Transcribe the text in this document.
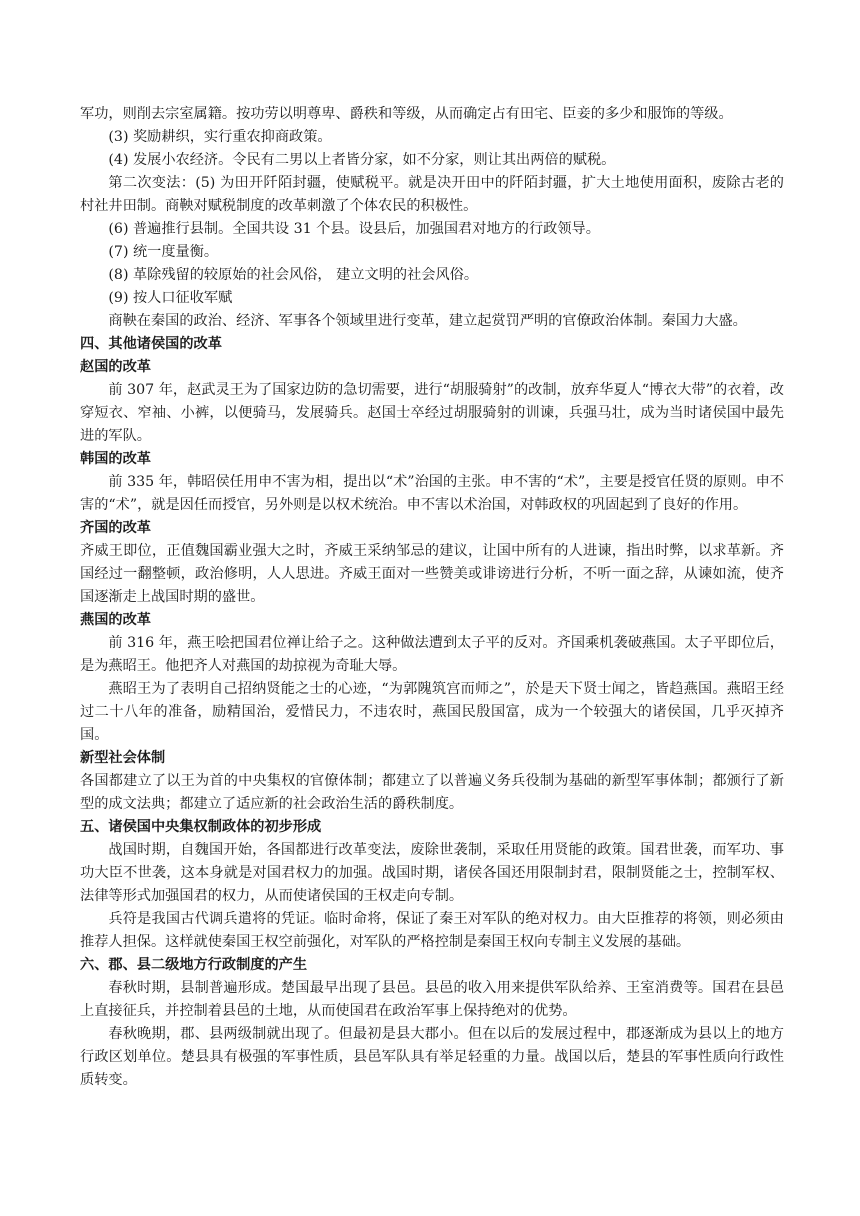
军功，则削去宗室属籍。按功劳以明尊卑、爵秩和等级，从而确定占有田宅、臣妾的多少和服饰的等级。

(3) 奖励耕织，实行重农抑商政策。

(4) 发展小农经济。令民有二男以上者皆分家，如不分家，则让其出两倍的赋税。

第二次变法：(5) 为田开阡陌封疆，使赋税平。就是决开田中的阡陌封疆，扩大土地使用面积，废除古老的村社井田制。商鞅对赋税制度的改革刺激了个体农民的积极性。

(6) 普遍推行县制。全国共设 31 个县。设县后，加强国君对地方的行政领导。

(7) 统一度量衡。

(8) 革除残留的较原始的社会风俗， 建立文明的社会风俗。

(9) 按人口征收军赋

商鞅在秦国的政治、经济、军事各个领域里进行变革，建立起赏罚严明的官僚政治体制。秦国力大盛。

四、其他诸侯国的改革
赵国的改革

前 307 年，赵武灵王为了国家边防的急切需要，进行“胡服骑射”的改制，放弃华夏人“博衣大带”的衣着，改穿短衣、窄袖、小裤，以便骑马，发展骑兵。赵国士卒经过胡服骑射的训谏，兵强马壮，成为当时诸侯国中最先进的军队。

韩国的改革

前 335 年，韩昭侯任用申不害为相，提出以“术”治国的主张。申不害的“术”，主要是授官任贤的原则。申不害的“术”，就是因任而授官，另外则是以权术统治。申不害以术治国，对韩政权的巩固起到了良好的作用。

齐国的改革

齐威王即位，正值魏国霸业强大之时，齐威王采纳邹忌的建议，让国中所有的人进谏，指出时弊，以求革新。齐国经过一翻整顿，政治修明，人人思进。齐威王面对一些赞美或诽谤进行分析，不听一面之辞，从谏如流，使齐国逐渐走上战国时期的盛世。

燕国的改革

前 316 年，燕王哙把国君位禅让给子之。这种做法遭到太子平的反对。齐国乘机袭破燕国。太子平即位后，是为燕昭王。他把齐人对燕国的劫掠视为奇耻大辱。

燕昭王为了表明自己招纳贤能之士的心迹，“为郭隗筑宫而师之”，於是天下贤士闻之，皆趋燕国。燕昭王经过二十八年的准备，励精国治，爱惜民力，不违农时，燕国民殷国富，成为一个较强大的诸侯国，几乎灭掉齐国。

新型社会体制

各国都建立了以王为首的中央集权的官僚体制；都建立了以普遍义务兵役制为基础的新型军事体制；都颁行了新型的成文法典；都建立了适应新的社会政治生活的爵秩制度。

五、诸侯国中央集权制政体的初步形成

战国时期，自魏国开始，各国都进行改革变法，废除世袭制，采取任用贤能的政策。国君世袭，而军功、事功大臣不世袭，这本身就是对国君权力的加强。战国时期，诸侯各国还用限制封君，限制贤能之士，控制军权、法律等形式加强国君的权力，从而使诸侯国的王权走向专制。

兵符是我国古代调兵遣将的凭证。临时命将，保证了秦王对军队的绝对权力。由大臣推荐的将领，则必须由推荐人担保。这样就使秦国王权空前强化，对军队的严格控制是秦国王权向专制主义发展的基础。

六、郡、县二级地方行政制度的产生

春秋时期，县制普遍形成。楚国最早出现了县邑。县邑的收入用来提供军队给养、王室消费等。国君在县邑上直接征兵，并控制着县邑的土地，从而使国君在政治军事上保持绝对的优势。

春秋晚期，郡、县两级制就出现了。但最初是县大郡小。但在以后的发展过程中，郡逐渐成为县以上的地方行政区划单位。楚县具有极强的军事性质，县邑军队具有举足轻重的力量。战国以后，楚县的军事性质向行政性质转变。
